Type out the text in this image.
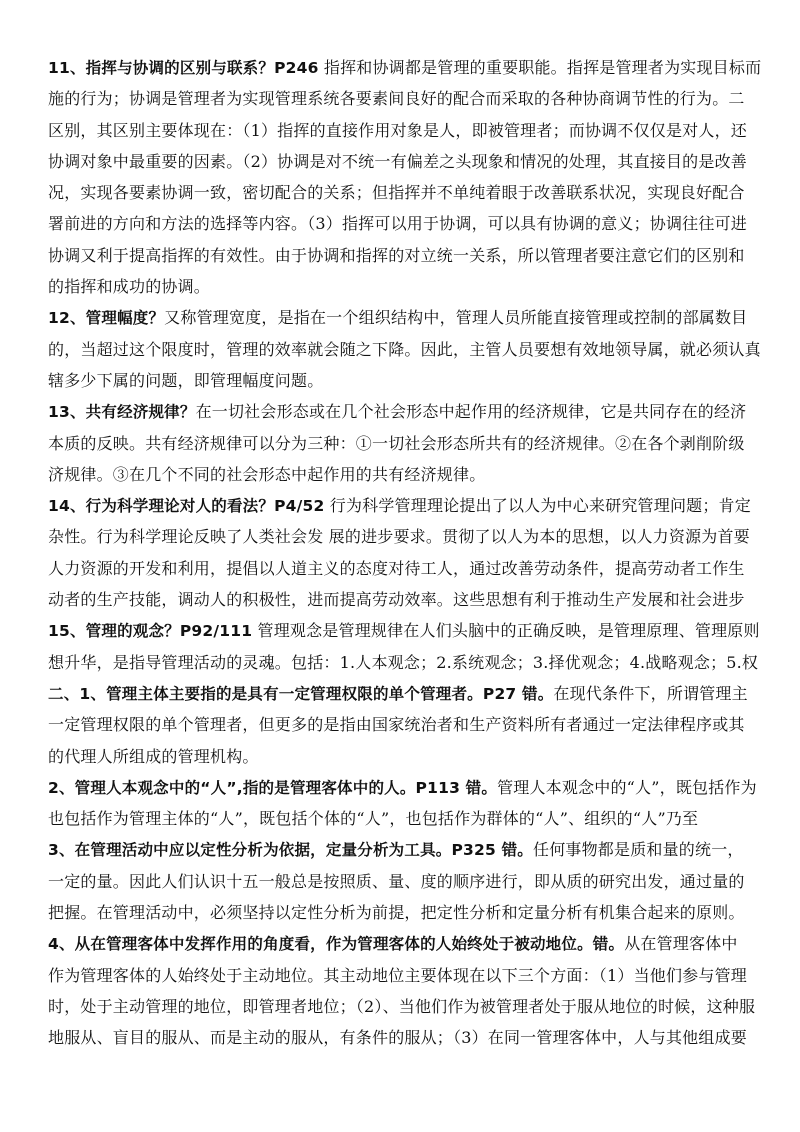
11、指挥与协调的区别与联系？P246 指挥和协调都是管理的重要职能。指挥是管理者为实现目标而
施的行为；协调是管理者为实现管理系统各要素间良好的配合而采取的各种协商调节性的行为。二
区别，其区别主要体现在：（1）指挥的直接作用对象是人，即被管理者；而协调不仅仅是对人，还
协调对象中最重要的因素。（2）协调是对不统一有偏差之头现象和情况的处理，其直接目的是改善
况，实现各要素协调一致，密切配合的关系；但指挥并不单纯着眼于改善联系状况，实现良好配合
署前进的方向和方法的选择等内容。（3）指挥可以用于协调，可以具有协调的意义；协调往往可进
协调又利于提高指挥的有效性。由于协调和指挥的对立统一关系，所以管理者要注意它们的区别和
的指挥和成功的协调。
12、管理幅度？又称管理宽度，是指在一个组织结构中，管理人员所能直接管理或控制的部属数目
的，当超过这个限度时，管理的效率就会随之下降。因此，主管人员要想有效地领导属，就必须认真
辖多少下属的问题，即管理幅度问题。
13、共有经济规律？在一切社会形态或在几个社会形态中起作用的经济规律，它是共同存在的经济
本质的反映。共有经济规律可以分为三种：①一切社会形态所共有的经济规律。②在各个剥削阶级
济规律。③在几个不同的社会形态中起作用的共有经济规律。
14、行为科学理论对人的看法？P4/52 行为科学管理理论提出了以人为中心来研究管理问题；肯定
杂性。行为科学理论反映了人类社会发 展的进步要求。贯彻了以人为本的思想，以人力资源为首要
人力资源的开发和利用，提倡以人道主义的态度对待工人，通过改善劳动条件，提高劳动者工作生
动者的生产技能，调动人的积极性，进而提高劳动效率。这些思想有利于推动生产发展和社会进步
15、管理的观念？P92/111 管理观念是管理规律在人们头脑中的正确反映，是管理原理、管理原则
想升华，是指导管理活动的灵魂。包括：1.人本观念；2.系统观念；3.择优观念；4.战略观念；5.权
二、1、管理主体主要指的是具有一定管理权限的单个管理者。P27 错。在现代条件下，所谓管理主
一定管理权限的单个管理者，但更多的是指由国家统治者和生产资料所有者通过一定法律程序或其
的代理人所组成的管理机构。
2、管理人本观念中的“人”,指的是管理客体中的人。P113 错。管理人本观念中的“人”，既包括作为
也包括作为管理主体的“人”，既包括个体的“人”，也包括作为群体的“人”、组织的“人”乃至
3、在管理活动中应以定性分析为依据，定量分析为工具。P325 错。任何事物都是质和量的统一，
一定的量。因此人们认识十五一般总是按照质、量、度的顺序进行，即从质的研究出发，通过量的
把握。在管理活动中，必须坚持以定性分析为前提，把定性分析和定量分析有机集合起来的原则。
4、从在管理客体中发挥作用的角度看，作为管理客体的人始终处于被动地位。错。从在管理客体中
作为管理客体的人始终处于主动地位。其主动地位主要体现在以下三个方面：（1）当他们参与管理
时，处于主动管理的地位，即管理者地位；（2）、当他们作为被管理者处于服从地位的时候，这种服
地服从、盲目的服从、而是主动的服从，有条件的服从；（3）在同一管理客体中，人与其他组成要
